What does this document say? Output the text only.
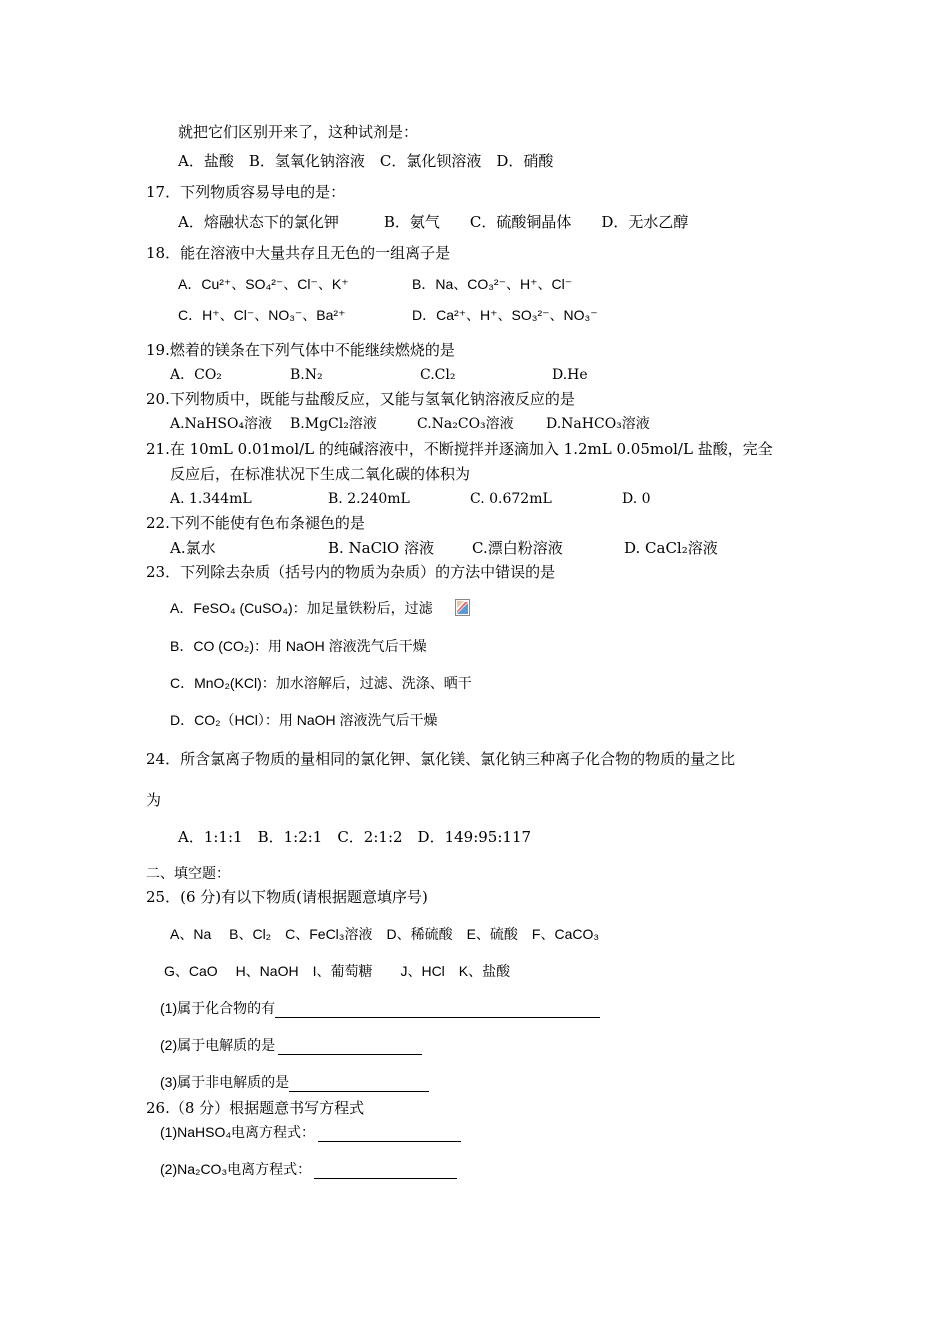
就把它们区别开来了，这种试剂是：
A．盐酸　B．氢氧化钠溶液　C．氯化钡溶液　D．硝酸
17．下列物质容易导电的是：
A．熔融状态下的氯化钾　　　B．氨气　　C．硫酸铜晶体　　D．无水乙醇
18．能在溶液中大量共存且无色的一组离子是
A．Cu²⁺、SO₄²⁻、Cl⁻、K⁺	B．Na、CO₃²⁻、H⁺、Cl⁻
C．H⁺、Cl⁻、NO₃⁻、Ba²⁺	D．Ca²⁺、H⁺、SO₃²⁻、NO₃⁻
19.燃着的镁条在下列气体中不能继续燃烧的是
A．CO₂	B.N₂	C.Cl₂	D.He
20.下列物质中，既能与盐酸反应，又能与氢氧化钠溶液反应的是
A.NaHSO₄溶液 B.MgCl₂溶液	C.Na₂CO₃溶液 D.NaHCO₃溶液
21.在 10mL 0.01mol/L 的纯碱溶液中，不断搅拌并逐滴加入 1.2mL 0.05mol/L 盐酸，完全
反应后，在标准状况下生成二氧化碳的体积为
A. 1.344mL	B. 2.240mL	C. 0.672mL	D. 0
22.下列不能使有色布条褪色的是
A.氯水	B. NaClO 溶液	C.漂白粉溶液	D. CaCl₂溶液
23．下列除去杂质（括号内的物质为杂质）的方法中错误的是
A．FeSO₄ (CuSO₄)：加足量铁粉后，过滤
B．CO (CO₂)：用 NaOH 溶液洗气后干燥
C．MnO₂(KCl)：加水溶解后，过滤、洗涤、晒干
D．CO₂（HCl）：用 NaOH 溶液洗气后干燥
24．所含氯离子物质的量相同的氯化钾、氯化镁、氯化钠三种离子化合物的物质的量之比
为
A．1:1:1　B．1:2:1　C．2:1:2　D．149:95:117
二、填空题：
25．(6 分)有以下物质(请根据题意填序号)
A、Na　 B、Cl₂　C、FeCl₃溶液　D、稀硫酸　E、硫酸　F、CaCO₃
G、CaO　 H、NaOH　I、葡萄糖　　J、HCl　K、盐酸
(1)属于化合物的有
(2)属于电解质的是
(3)属于非电解质的是
26.（8 分）根据题意书写方程式
(1)NaHSO₄电离方程式：
(2)Na₂CO₃电离方程式：
